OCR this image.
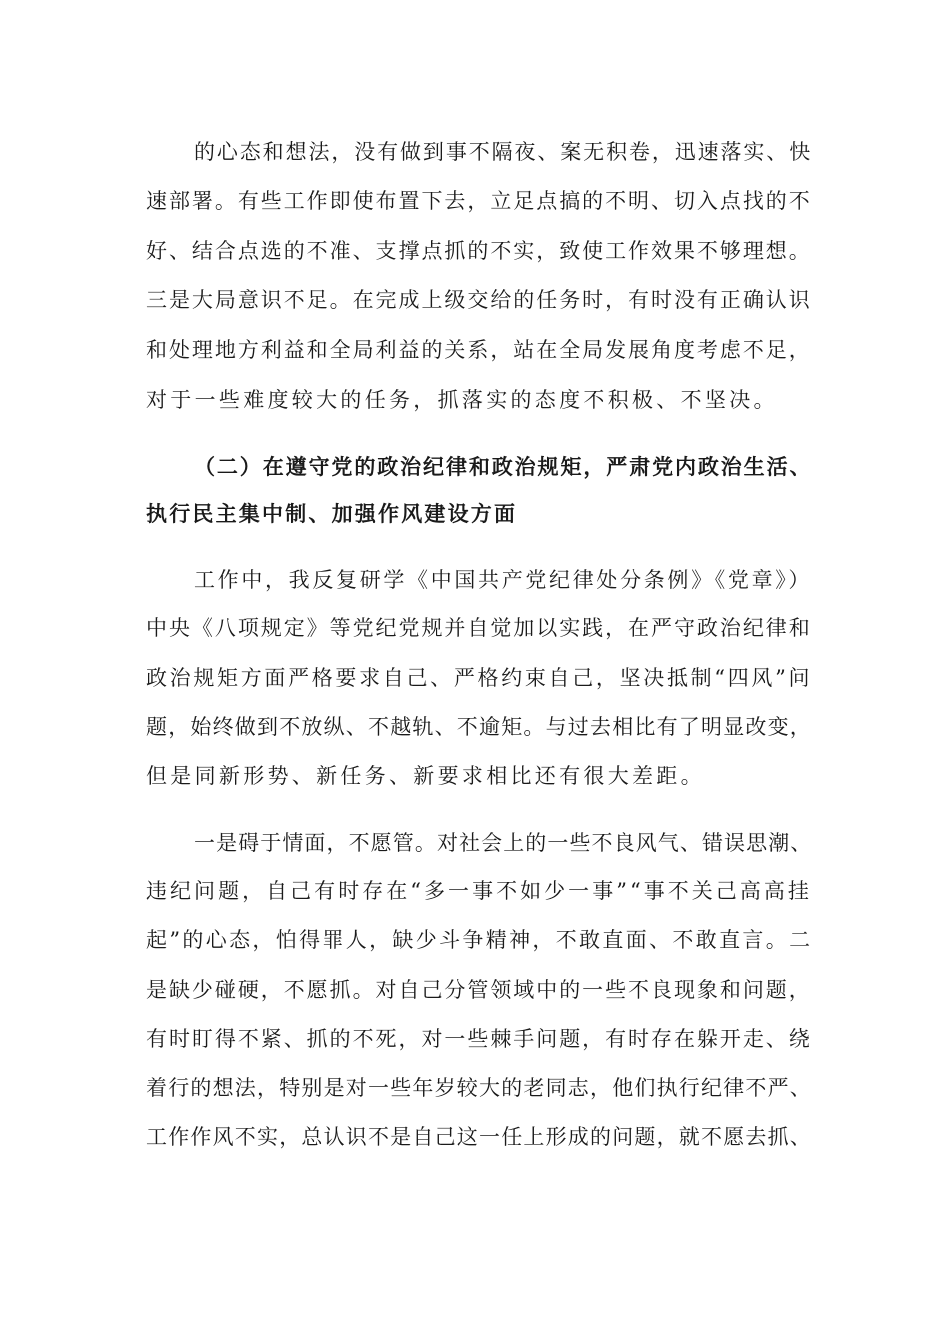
的心态和想法，没有做到事不隔夜、案无积卷，迅速落实、快
速部署。有些工作即使布置下去，立足点搞的不明、切入点找的不
好、结合点选的不准、支撑点抓的不实，致使工作效果不够理想。
三是大局意识不足。在完成上级交给的任务时，有时没有正确认识
和处理地方利益和全局利益的关系，站在全局发展角度考虑不足，
对于一些难度较大的任务，抓落实的态度不积极、不坚决。
（二）在遵守党的政治纪律和政治规矩，严肃党内政治生活、
执行民主集中制、加强作风建设方面
工作中，我反复研学《中国共产党纪律处分条例》《党章》）
中央《八项规定》等党纪党规并自觉加以实践，在严守政治纪律和
政治规矩方面严格要求自己、严格约束自己，坚决抵制“四风”问
题，始终做到不放纵、不越轨、不逾矩。与过去相比有了明显改变，
但是同新形势、新任务、新要求相比还有很大差距。
一是碍于情面，不愿管。对社会上的一些不良风气、错误思潮、
违纪问题，自己有时存在“多一事不如少一事”“事不关己高高挂
起”的心态，怕得罪人，缺少斗争精神，不敢直面、不敢直言。二
是缺少碰硬，不愿抓。对自己分管领域中的一些不良现象和问题，
有时盯得不紧、抓的不死，对一些棘手问题，有时存在躲开走、绕
着行的想法，特别是对一些年岁较大的老同志，他们执行纪律不严、
工作作风不实，总认识不是自己这一任上形成的问题，就不愿去抓、
